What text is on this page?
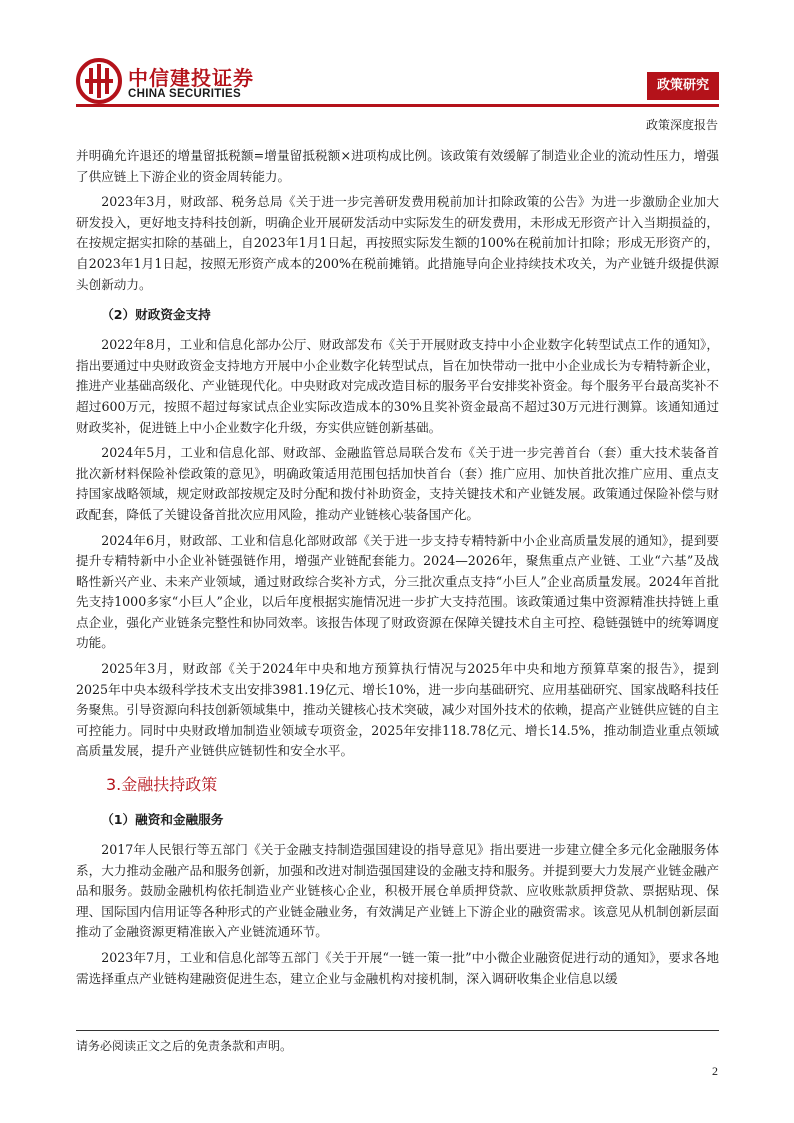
中信建投证券
CHINA SECURITIES
政策研究
政策深度报告

并明确允许退还的增量留抵税额=增量留抵税额×进项构成比例。该政策有效缓解了制造业企业的流动性压力，增强了供应链上下游企业的资金周转能力。

2023年3月，财政部、税务总局《关于进一步完善研发费用税前加计扣除政策的公告》为进一步激励企业加大研发投入，更好地支持科技创新，明确企业开展研发活动中实际发生的研发费用，未形成无形资产计入当期损益的，在按规定据实扣除的基础上，自2023年1月1日起，再按照实际发生额的100%在税前加计扣除；形成无形资产的，自2023年1月1日起，按照无形资产成本的200%在税前摊销。此措施导向企业持续技术攻关，为产业链升级提供源头创新动力。

（2）财政资金支持

2022年8月，工业和信息化部办公厅、财政部发布《关于开展财政支持中小企业数字化转型试点工作的通知》，指出要通过中央财政资金支持地方开展中小企业数字化转型试点，旨在加快带动一批中小企业成长为专精特新企业，推进产业基础高级化、产业链现代化。中央财政对完成改造目标的服务平台安排奖补资金。每个服务平台最高奖补不超过600万元，按照不超过每家试点企业实际改造成本的30%且奖补资金最高不超过30万元进行测算。该通知通过财政奖补，促进链上中小企业数字化升级，夯实供应链创新基础。

2024年5月，工业和信息化部、财政部、金融监管总局联合发布《关于进一步完善首台（套）重大技术装备首批次新材料保险补偿政策的意见》，明确政策适用范围包括加快首台（套）推广应用、加快首批次推广应用、重点支持国家战略领域，规定财政部按规定及时分配和拨付补助资金，支持关键技术和产业链发展。政策通过保险补偿与财政配套，降低了关键设备首批次应用风险，推动产业链核心装备国产化。

2024年6月，财政部、工业和信息化部财政部《关于进一步支持专精特新中小企业高质量发展的通知》，提到要提升专精特新中小企业补链强链作用，增强产业链配套能力。2024—2026年，聚焦重点产业链、工业“六基”及战略性新兴产业、未来产业领域，通过财政综合奖补方式，分三批次重点支持“小巨人”企业高质量发展。2024年首批先支持1000多家“小巨人”企业，以后年度根据实施情况进一步扩大支持范围。该政策通过集中资源精准扶持链上重点企业，强化产业链条完整性和协同效率。该报告体现了财政资源在保障关键技术自主可控、稳链强链中的统筹调度功能。

2025年3月，财政部《关于2024年中央和地方预算执行情况与2025年中央和地方预算草案的报告》，提到2025年中央本级科学技术支出安排3981.19亿元、增长10%，进一步向基础研究、应用基础研究、国家战略科技任务聚焦。引导资源向科技创新领域集中，推动关键核心技术突破，减少对国外技术的依赖，提高产业链供应链的自主可控能力。同时中央财政增加制造业领域专项资金，2025年安排118.78亿元、增长14.5%，推动制造业重点领域高质量发展，提升产业链供应链韧性和安全水平。

3.金融扶持政策
（1）融资和金融服务

2017年人民银行等五部门《关于金融支持制造强国建设的指导意见》指出要进一步建立健全多元化金融服务体系，大力推动金融产品和服务创新，加强和改进对制造强国建设的金融支持和服务。并提到要大力发展产业链金融产品和服务。鼓励金融机构依托制造业产业链核心企业，积极开展仓单质押贷款、应收账款质押贷款、票据贴现、保理、国际国内信用证等各种形式的产业链金融业务，有效满足产业链上下游企业的融资需求。该意见从机制创新层面推动了金融资源更精准嵌入产业链流通环节。

2023年7月，工业和信息化部等五部门《关于开展“一链一策一批”中小微企业融资促进行动的通知》，要求各地需选择重点产业链构建融资促进生态，建立企业与金融机构对接机制，深入调研收集企业信息以缓

请务必阅读正文之后的免责条款和声明。
2
